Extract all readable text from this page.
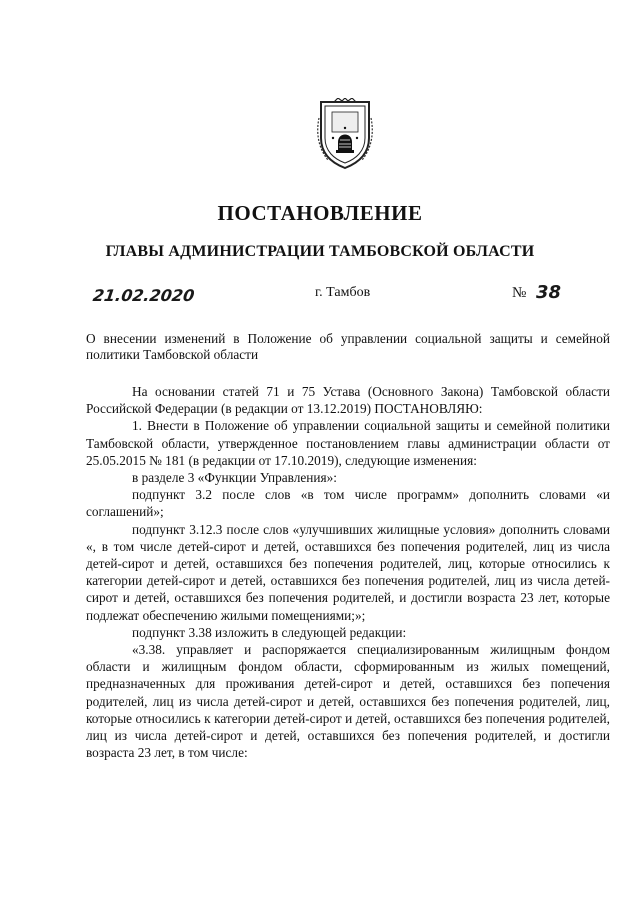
ПОСТАНОВЛЕНИЕ
ГЛАВЫ АДМИНИСТРАЦИИ ТАМБОВСКОЙ ОБЛАСТИ
21.02.2020	г. Тамбов	№ 38
О внесении изменений в Положение об управлении социальной защиты и семейной политики Тамбовской области

На основании статей 71 и 75 Устава (Основного Закона) Тамбовской области Российской Федерации (в редакции от 13.12.2019) ПОСТАНОВЛЯЮ:

1. Внести в Положение об управлении социальной защиты и семейной политики Тамбовской области, утвержденное постановлением главы администрации области от 25.05.2015 № 181 (в редакции от 17.10.2019), следующие изменения:

в разделе 3 «Функции Управления»:

подпункт 3.2 после слов «в том числе программ» дополнить словами «и соглашений»;

подпункт 3.12.3 после слов «улучшивших жилищные условия» дополнить словами «, в том числе детей-сирот и детей, оставшихся без попечения родителей, лиц из числа детей-сирот и детей, оставшихся без попечения родителей, лиц, которые относились к категории детей-сирот и детей, оставшихся без попечения родителей, лиц из числа детей-сирот и детей, оставшихся без попечения родителей, и достигли возраста 23 лет, которые подлежат обеспечению жилыми помещениями;»;

подпункт 3.38 изложить в следующей редакции:

«3.38. управляет и распоряжается специализированным жилищным фондом области и жилищным фондом области, сформированным из жилых помещений, предназначенных для проживания детей-сирот и детей, оставшихся без попечения родителей, лиц из числа детей-сирот и детей, оставшихся без попечения родителей, лиц, которые относились к категории детей-сирот и детей, оставшихся без попечения родителей, лиц из числа детей-сирот и детей, оставшихся без попечения родителей, и достигли возраста 23 лет, в том числе:
